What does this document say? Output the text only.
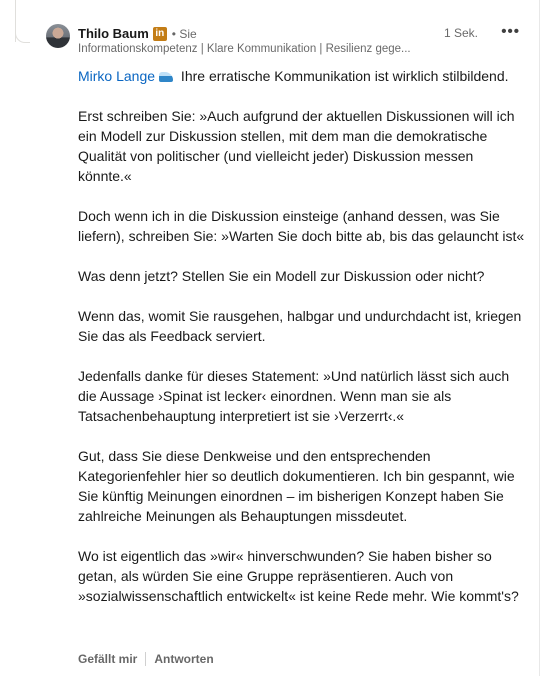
Thilo Baum in • Sie	1 Sek. •••
Informationskompetenz | Klare Kommunikation | Resilienz gege...

Mirko Lange Ihre erratische Kommunikation ist wirklich stilbildend.

Erst schreiben Sie: »Auch aufgrund der aktuellen Diskussionen will ich ein Modell zur Diskussion stellen, mit dem man die demokratische Qualität von politischer (und vielleicht jeder) Diskussion messen könnte.«

Doch wenn ich in die Diskussion einsteige (anhand dessen, was Sie liefern), schreiben Sie: »Warten Sie doch bitte ab, bis das gelauncht ist«

Was denn jetzt? Stellen Sie ein Modell zur Diskussion oder nicht?

Wenn das, womit Sie rausgehen, halbgar und undurchdacht ist, kriegen Sie das als Feedback serviert.

Jedenfalls danke für dieses Statement: »Und natürlich lässt sich auch die Aussage ›Spinat ist lecker‹ einordnen. Wenn man sie als Tatsachenbehauptung interpretiert ist sie ›Verzerrt‹.«

Gut, dass Sie diese Denkweise und den entsprechenden Kategorienfehler hier so deutlich dokumentieren. Ich bin gespannt, wie Sie künftig Meinungen einordnen – im bisherigen Konzept haben Sie zahlreiche Meinungen als Behauptungen missdeutet.

Wo ist eigentlich das »wir« hinverschwunden? Sie haben bisher so getan, als würden Sie eine Gruppe repräsentieren. Auch von »sozialwissenschaftlich entwickelt« ist keine Rede mehr. Wie kommt's?

Gefällt mir Antworten
